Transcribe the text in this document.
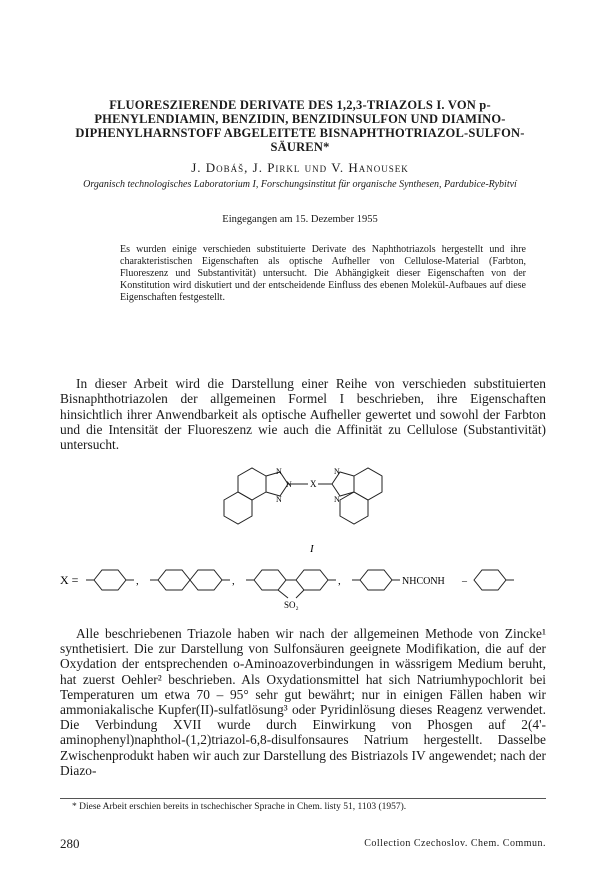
FLUORESZIERENDE DERIVATE DES 1,2,3-TRIAZOLS I. VON p-PHENYLENDIAMIN, BENZIDIN, BENZIDINSULFON UND DIAMINO-DIPHENYLHARNSTOFF ABGELEITETE BISNAPHTHOTRIAZOL-SULFON-SÄUREN*
J. Dobáš, J. Pirkl und V. Hanousek
Organisch technologisches Laboratorium I, Forschungsinstitut für organische Synthesen, Pardubice-Rybitví
Eingegangen am 15. Dezember 1955
Es wurden einige verschieden substituierte Derivate des Naphthotriazols hergestellt und ihre charakteristischen Eigenschaften als optische Aufheller von Cellulose-Material (Farbton, Fluoreszenz und Substantivität) untersucht. Die Abhängigkeit dieser Eigenschaften von der Konstitution wird diskutiert und der entscheidende Einfluss des ebenen Molekül-Aufbaues auf diese Eigenschaften festgestellt.
In dieser Arbeit wird die Darstellung einer Reihe von verschieden substituierten Bisnaphthotriazolen der allgemeinen Formel I beschrieben, ihre Eigenschaften hinsichtlich ihrer Anwendbarkeit als optische Aufheller gewertet und sowohl der Farbton und die Intensität der Fluoreszenz wie auch die Affinität zu Cellulose (Substantivität) untersucht.
N
N
N
X
N
N
I
X =	,	,	,
SO₂
NHCONH –
Alle beschriebenen Triazole haben wir nach der allgemeinen Methode von Zincke¹ synthetisiert. Die zur Darstellung von Sulfonsäuren geeignete Modifikation, die auf der Oxydation der entsprechenden o-Aminoazoverbindungen in wässrigem Medium beruht, hat zuerst Oehler² beschrieben. Als Oxydationsmittel hat sich Natriumhypochlorit bei Temperaturen um etwa 70 – 95° sehr gut bewährt; nur in einigen Fällen haben wir ammoniakalische Kupfer(II)-sulfatlösung³ oder Pyridinlösung dieses Reagenz verwendet. Die Verbindung XVII wurde durch Einwirkung von Phosgen auf 2(4'-aminophenyl)naphthol-(1,2)triazol-6,8-disulfonsaures Natrium hergestellt. Dasselbe Zwischenprodukt haben wir auch zur Darstellung des Bistriazols IV angewendet; nach der Diazo-
* Diese Arbeit erschien bereits in tschechischer Sprache in Chem. listy 51, 1103 (1957).
280	Collection Czechoslov. Chem. Commun.
